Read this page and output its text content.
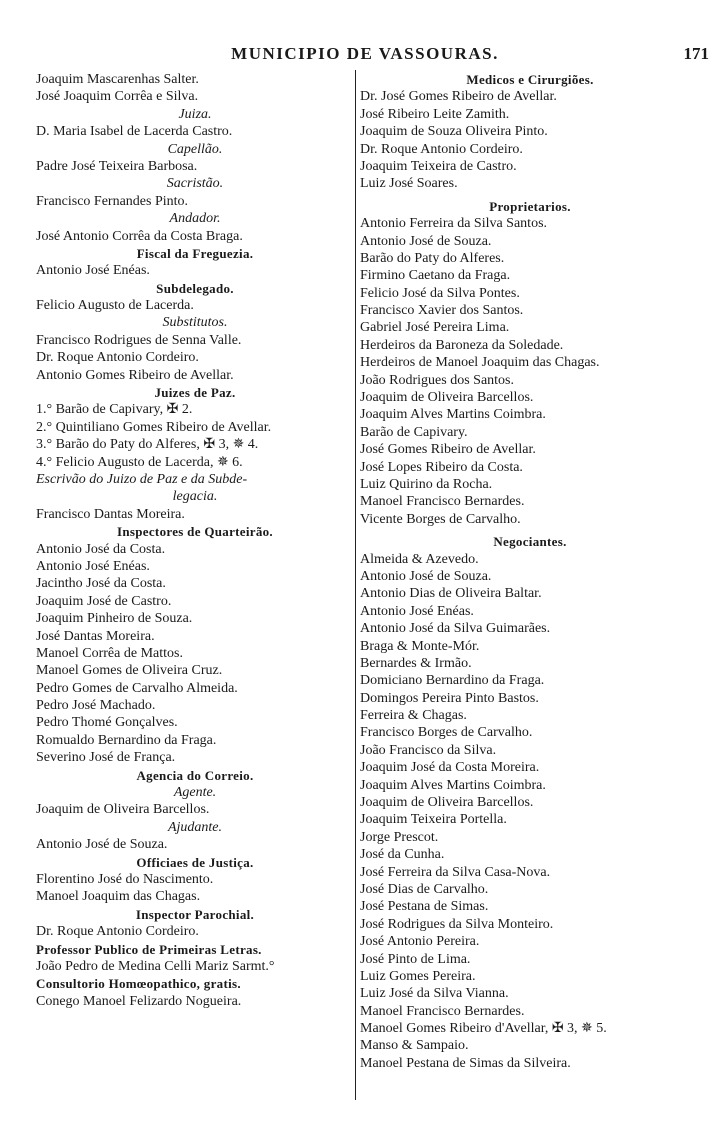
MUNICIPIO DE VASSOURAS.	171
Joaquim Mascarenhas Salter.
José Joaquim Corrêa e Silva.
Juiza.
D. Maria Isabel de Lacerda Castro.
Capellão.
Padre José Teixeira Barbosa.
Sacristão.
Francisco Fernandes Pinto.
Andador.
José Antonio Corrêa da Costa Braga.
Fiscal da Freguezia.
Antonio José Enéas.
Subdelegado.
Felicio Augusto de Lacerda.
Substitutos.
Francisco Rodrigues de Senna Valle.
Dr. Roque Antonio Cordeiro.
Antonio Gomes Ribeiro de Avellar.
Juizes de Paz.
1.° Barão de Capivary, ✠ 2.
2.° Quintiliano Gomes Ribeiro de Avellar.
3.° Barão do Paty do Alferes, ✠ 3, ✵ 4.
4.° Felicio Augusto de Lacerda, ✵ 6.
Escrivão do Juizo de Paz e da Subde-
legacia.
Francisco Dantas Moreira.
Inspectores de Quarteirão.
Antonio José da Costa.
Antonio José Enéas.
Jacintho José da Costa.
Joaquim José de Castro.
Joaquim Pinheiro de Souza.
José Dantas Moreira.
Manoel Corrêa de Mattos.
Manoel Gomes de Oliveira Cruz.
Pedro Gomes de Carvalho Almeida.
Pedro José Machado.
Pedro Thomé Gonçalves.
Romualdo Bernardino da Fraga.
Severino José de França.
Agencia do Correio.
Agente.
Joaquim de Oliveira Barcellos.
Ajudante.
Antonio José de Souza.
Officiaes de Justiça.
Florentino José do Nascimento.
Manoel Joaquim das Chagas.
Inspector Parochial.
Dr. Roque Antonio Cordeiro.
Professor Publico de Primeiras Letras.
João Pedro de Medina Celli Mariz Sarmt.°
Consultorio Homœopathico, gratis.
Conego Manoel Felizardo Nogueira.
Medicos e Cirurgiões.
Dr. José Gomes Ribeiro de Avellar.
José Ribeiro Leite Zamith.
Joaquim de Souza Oliveira Pinto.
Dr. Roque Antonio Cordeiro.
Joaquim Teixeira de Castro.
Luiz José Soares.
Proprietarios.
Antonio Ferreira da Silva Santos.
Antonio José de Souza.
Barão do Paty do Alferes.
Firmino Caetano da Fraga.
Felicio José da Silva Pontes.
Francisco Xavier dos Santos.
Gabriel José Pereira Lima.
Herdeiros da Baroneza da Soledade.
Herdeiros de Manoel Joaquim das Chagas.
João Rodrigues dos Santos.
Joaquim de Oliveira Barcellos.
Joaquim Alves Martins Coimbra.
Barão de Capivary.
José Gomes Ribeiro de Avellar.
José Lopes Ribeiro da Costa.
Luiz Quirino da Rocha.
Manoel Francisco Bernardes.
Vicente Borges de Carvalho.
Negociantes.
Almeida & Azevedo.
Antonio José de Souza.
Antonio Dias de Oliveira Baltar.
Antonio José Enéas.
Antonio José da Silva Guimarães.
Braga & Monte-Mór.
Bernardes & Irmão.
Domiciano Bernardino da Fraga.
Domingos Pereira Pinto Bastos.
Ferreira & Chagas.
Francisco Borges de Carvalho.
João Francisco da Silva.
Joaquim José da Costa Moreira.
Joaquim Alves Martins Coimbra.
Joaquim de Oliveira Barcellos.
Joaquim Teixeira Portella.
Jorge Prescot.
José da Cunha.
José Ferreira da Silva Casa-Nova.
José Dias de Carvalho.
José Pestana de Simas.
José Rodrigues da Silva Monteiro.
José Antonio Pereira.
José Pinto de Lima.
Luiz Gomes Pereira.
Luiz José da Silva Vianna.
Manoel Francisco Bernardes.
Manoel Gomes Ribeiro d'Avellar, ✠ 3, ✵ 5.
Manso & Sampaio.
Manoel Pestana de Simas da Silveira.
